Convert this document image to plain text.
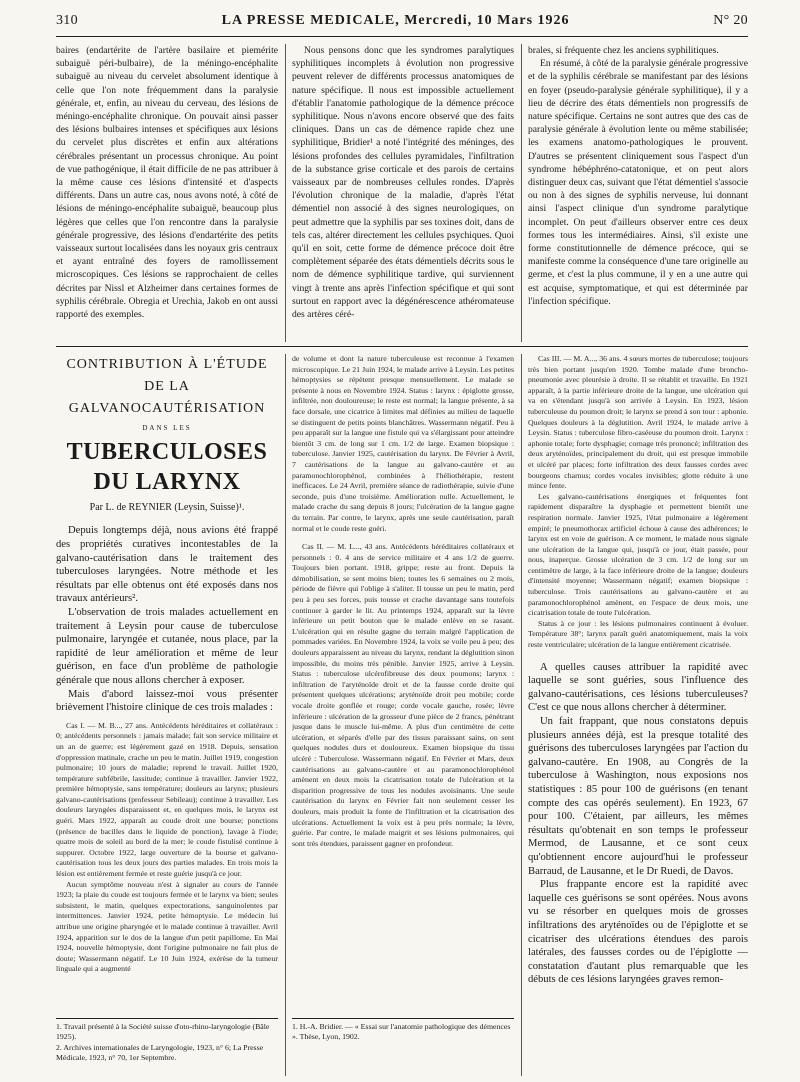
310	LA PRESSE MEDICALE, Mercredi, 10 Mars 1926	N° 20

baires (endartérite de l'artère basilaire et piemérite subaiguë péri-bulbaire), de la méningo-encéphalite subaiguë au niveau du cervelet absolument identique à celle que l'on note fréquemment dans la paralysie générale, et, enfin, au niveau du cerveau, des lésions de méningo-encéphalite chronique. On pouvait ainsi passer des lésions bulbaires intenses et spécifiques aux lésions du cervelet plus discrètes et enfin aux altérations cérébrales présentant un processus chronique. Au point de vue pathogénique, il était difficile de ne pas attribuer à la même cause ces lésions d'intensité et d'aspects différents. Dans un autre cas, nous avons noté, à côté de lésions de méningo-encéphalite subaiguë, beaucoup plus légères que celles que l'on rencontre dans la paralysie générale progressive, des lésions d'endartérite des petits vaisseaux surtout localisées dans les noyaux gris centraux et ayant entraîné des foyers de ramollissement microscopiques. Ces lésions se rapprochaient de celles décrites par Nissl et Alzheimer dans certaines formes de syphilis cérébrale. Obregia et Urechia, Jakob en ont aussi rapporté des exemples.

Nous pensons donc que les syndromes paralytiques syphilitiques incomplets à évolution non progressive peuvent relever de différents processus anatomiques de nature spécifique. Il nous est impossible actuellement d'établir l'anatomie pathologique de la démence précoce syphilitique. Nous n'avons encore observé que des faits cliniques. Dans un cas de démence rapide chez une syphilitique, Bridier¹ a noté l'intégrité des méninges, des lésions profondes des cellules pyramidales, l'infiltration de la substance grise corticale et des parois de certains vaisseaux par de nombreuses cellules rondes. D'après l'évolution chronique de la maladie, d'après l'état démentiel non associé à des signes neurologiques, on peut admettre que la syphilis par ses toxines doit, dans de tels cas, altérer directement les cellules psychiques. Quoi qu'il en soit, cette forme de démence précoce doit être complètement séparée des états démentiels décrits sous le nom de démence syphilitique tardive, qui surviennent vingt à trente ans après l'infection spécifique et qui sont surtout en rapport avec la dégénérescence athéromateuse des artères céré-

brales, si fréquente chez les anciens syphilitiques.

En résumé, à côté de la paralysie générale progressive et de la syphilis cérébrale se manifestant par des lésions en foyer (pseudo-paralysie générale syphilitique), il y a lieu de décrire des états démentiels non progressifs de nature spécifique. Certains ne sont autres que des cas de paralysie générale à évolution lente ou même stabilisée; les examens anatomo-pathologiques le prouvent. D'autres se présentent cliniquement sous l'aspect d'un syndrome hébéphréno-catatonique, et on peut alors distinguer deux cas, suivant que l'état démentiel s'associe ou non à des signes de syphilis nerveuse, lui donnant ainsi l'aspect clinique d'un syndrome paralytique incomplet. On peut d'ailleurs observer entre ces deux formes tous les intermédiaires. Ainsi, s'il existe une forme constitutionnelle de démence précoce, qui se manifeste comme la conséquence d'une tare originelle au germe, et c'est la plus commune, il y en a une autre qui est acquise, symptomatique, et qui est déterminée par l'infection spécifique.

CONTRIBUTION À L'ÉTUDE
DE LA GALVANOCAUTÉRISATION
DANS LES
TUBERCULOSES DU LARYNX
Par L. de REYNIER (Leysin, Suisse)¹.

Depuis longtemps déjà, nous avions été frappé des propriétés curatives incontestables de la galvano-cautérisation dans le traitement des tuberculoses laryngées. Notre méthode et les résultats par elle obtenus ont été exposés dans nos travaux antérieurs².

L'observation de trois malades actuellement en traitement à Leysin pour cause de tuberculose pulmonaire, laryngée et cutanée, nous place, par la rapidité de leur amélioration et même de leur guérison, en face d'un problème de pathologie générale que nous allons chercher à exposer.

Mais d'abord laissez-moi vous présenter brièvement l'histoire clinique de ces trois malades :

Cas I. — M. B..., 27 ans. Antécédents héréditaires et collatéraux : 0; antécédents personnels : jamais malade; fait son service militaire et un an de guerre; est légèrement gazé en 1918. Depuis, sensation d'oppression matinale, crache un peu le matin. Juillet 1919, congestion pulmonaire; 10 jours de maladie; reprend le travail. Juillet 1920, température subfébrile, lassitude; continue à travailler. Janvier 1922, première hémoptysie, sans température; douleurs au larynx; plusieurs galvano-cautérisations (professeur Sebileau); continue à travailler. Les douleurs laryngées disparaissent et, en quelques mois, le larynx est guéri. Mars 1922, apparaît au coude droit une bourse; ponctions (présence de bacilles dans le liquide de ponction), lavage à l'iode; quatre mois de soleil au bord de la mer; le coude fistulisé continue à suppurer. Octobre 1922, large ouverture de la bourse et galvano-cautérisation tous les deux jours des parties malades. En trois mois la lésion est entièrement fermée et reste guérie jusqu'à ce jour.

Aucun symptôme nouveau n'est à signaler au cours de l'année 1923; la plaie du coude est toujours fermée et le larynx va bien; seules subsistent, le matin, quelques expectorations, sanguinolentes par intermittences. Janvier 1924, petite hémoptysie. Le médecin lui attribue une origine pharyngée et le malade continue à travailler. Avril 1924, apparition sur le dos de la langue d'un petit papillome. En Mai 1924, nouvelle hémoptysie, dont l'origine pulmonaire ne fait plus de doute; Wassermann négatif. Le 10 Juin 1924, exérèse de la tumeur linguale qui a augmenté

de volume et dont la nature tuberculeuse est reconnue à l'examen microscopique. Le 21 Juin 1924, le malade arrive à Leysin. Les petites hémoptysies se répètent presque mensuellement. Le malade se présente à nous en Novembre 1924. Status : larynx : épiglotte grosse, infiltrée, non douloureuse; le reste est normal; la langue présente, à sa face dorsale, une cicatrice à limites mal définies au milieu de laquelle se distinguent de petits points blanchâtres. Wassermann négatif. Peu à peu apparaît sur la langue une fistule qui va s'élargissant pour atteindre bientôt 3 cm. de long sur 1 cm. 1/2 de large. Examen biopsique : tuberculose. Janvier 1925, cautérisation du larynx. De Février à Avril, 7 cautérisations de la langue au galvano-cautère et au paramonochlorophénol, combinées à l'héliothérapie, restent inefficaces. Le 24 Avril, première séance de radiothérapie, suivie d'une seconde, puis d'une troisième. Amélioration nulle. Actuellement, le malade crache du sang depuis 8 jours; l'ulcération de la langue gagne du terrain. Par contre, le larynx, après une seule cautérisation, paraît normal et le coude reste guéri.

Cas II. — M. L..., 43 ans. Antécédents héréditaires collatéraux et personnels : 0. 4 ans de service militaire et 4 ans 1/2 de guerre. Toujours bien portant. 1918, grippe; reste au front. Depuis la démobilisation, se sent moins bien; toutes les 6 semaines ou 2 mois, période de fièvre qui l'oblige à s'aliter. Il tousse un peu le matin, perd peu à peu ses forces, puis tousse et crache davantage sans toutefois continuer à garder le lit. Au printemps 1924, apparaît sur la lèvre inférieure un petit bouton que le malade enlève en se rasant. L'ulcération qui en résulte gagne du terrain malgré l'application de pommades variées. En Novembre 1924, la voix se voile peu à peu; des douleurs apparaissent au niveau du larynx, rendant la déglutition sinon impossible, du moins très pénible. Janvier 1925, arrive à Leysin. Status : tuberculose ulcérofibreuse des deux poumons; larynx : infiltration de l'aryténoïde droit et de la fausse corde droite qui présentent quelques ulcérations; aryténoïde droit peu mobile; corde vocale droite gonflée et rouge; corde vocale gauche, rosée; lèvre inférieure : ulcération de la grosseur d'une pièce de 2 francs, pénétrant jusque dans le muscle lui-même. A plus d'un centimètre de cette ulcération, et séparés d'elle par des tissus paraissant sains, on sent quelques nodules durs et douloureux. Examen biopsique du tissu ulcéré : Tuberculose. Wassermann négatif. En Février et Mars, deux cautérisations au galvano-cautère et au paramonochlorophénol amènent en deux mois la cicatrisation totale de l'ulcération et la disparition progressive de tous les nodules avoisinants. Une seule cautérisation du larynx en Février fait non seulement cesser les douleurs, mais produit la fonte de l'infiltration et la cicatrisation des ulcérations. Actuellement la voix est à peu près normale; la lèvre, guérie. Par contre, le malade maigrit et ses lésions pulmonaires, qui sont très étendues, paraissent gagner en profondeur.

Cas III. — M. A..., 36 ans. 4 sœurs mortes de tuberculose; toujours très bien portant jusqu'en 1920. Tombe malade d'une broncho-pneumonie avec pleurésie à droite. Il se rétablit et travaille. En 1921 apparaît, à la partie inférieure droite de la langue, une ulcération qui va en s'étendant jusqu'à son arrivée à Leysin. En 1923, lésion tuberculeuse du poumon droit; le larynx se prend à son tour : aphonie. Quelques douleurs à la déglutition. Avril 1924, le malade arrive à Leysin. Status : tuberculose fibro-caséeuse du poumon droit. Larynx : aphonie totale; forte dysphagie; cornage très prononcé; infiltration des deux aryténoïdes, principalement du droit, qui est presque immobile et ulcéré par places; forte infiltration des deux fausses cordes avec bourgeons charnus; cordes vocales invisibles; glotte réduite à une mince fente.

Les galvano-cautérisations énergiques et fréquentes font rapidement disparaître la dysphagie et permettent bientôt une respiration normale. Janvier 1925, l'état pulmonaire a légèrement empiré; le pneumothorax artificiel échoue à cause des adhérences; le larynx est en voie de guérison. A ce moment, le malade nous signale une ulcération de la langue qui, jusqu'à ce jour, était passée, pour nous, inaperçue. Grosse ulcération de 3 cm. 1/2 de long sur un centimètre de large, à la face inférieure droite de la langue; douleurs d'intensité moyenne; Wassermann négatif; examen biopsique : tuberculose. Trois cautérisations au galvano-cautère et au paramonochlorophénol amènent, en l'espace de deux mois, une cicatrisation totale de toute l'ulcération.

Status à ce jour : les lésions pulmonaires continuent à évoluer. Température 38°; larynx paraît guéri anatomiquement, mais la voix reste ventriculaire; ulcération de la langue entièrement cicatrisée.

A quelles causes attribuer la rapidité avec laquelle se sont guéries, sous l'influence des galvano-cautérisations, ces lésions tuberculeuses? C'est ce que nous allons chercher à déterminer.

Un fait frappant, que nous constatons depuis plusieurs années déjà, est la presque totalité des guérisons des tuberculoses laryngées par l'action du galvano-cautère. En 1908, au Congrès de la tuberculose à Washington, nous exposions nos statistiques : 85 pour 100 de guérisons (en tenant compte des cas opérés seulement). En 1923, 67 pour 100. C'étaient, par ailleurs, les mêmes résultats qu'obtenait en son temps le professeur Mermod, de Lausanne, et ce sont ceux qu'obtiennent encore aujourd'hui le professeur Barraud, de Lausanne, et le Dr Ruedi, de Davos.

Plus frappante encore est la rapidité avec laquelle ces guérisons se sont opérées. Nous avons vu se résorber en quelques mois de grosses infiltrations des aryténoïdes ou de l'épiglotte et se cicatriser des ulcérations étendues des parois latérales, des fausses cordes ou de l'épiglotte — constatation d'autant plus remarquable que les débuts de ces lésions laryngées graves remon-

1. Travail présenté à la Société suisse d'oto-rhino-laryngologie (Bâle 1925).

2. Archives internationales de Laryngologie, 1923, n° 6; La Presse Médicale, 1923, n° 70, 1er Septembre.

1. H.-A. Bridier. — « Essai sur l'anatomie pathologique des démences ». Thèse, Lyon, 1902.
